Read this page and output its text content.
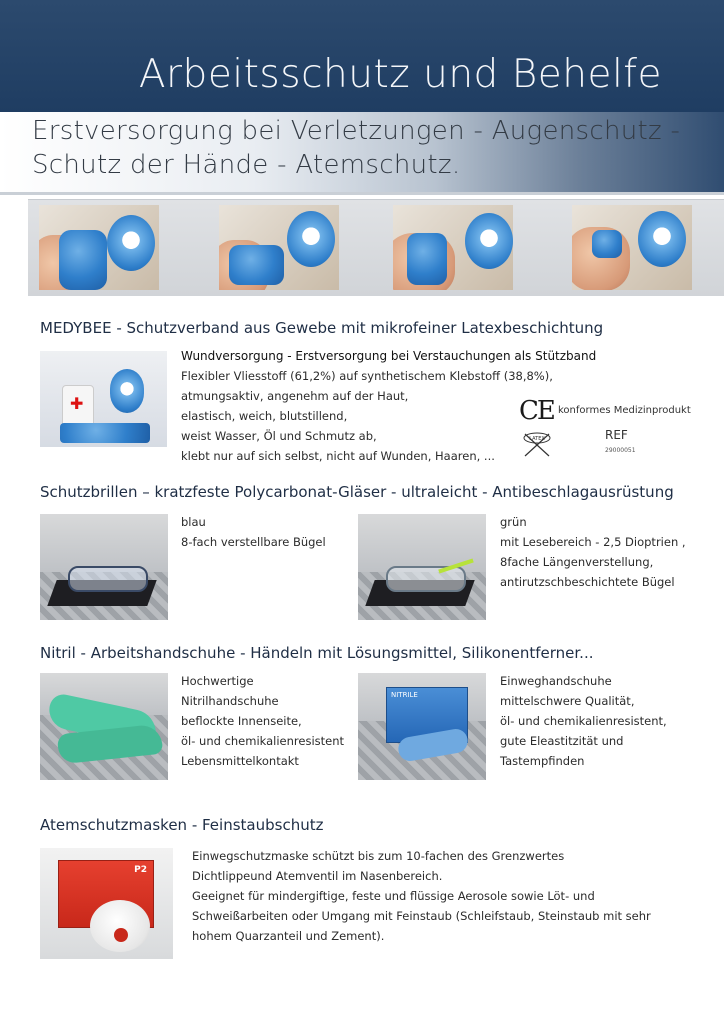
Arbeitsschutz und Behelfe
Erstversorgung bei Verletzungen - Augenschutz -
Schutz der Hände - Atemschutz.
MEDYBEE - Schutzverband aus Gewebe mit mikrofeiner Latexbeschichtung
✚
Wundversorgung - Erstversorgung bei Verstauchungen als Stützband
Flexibler Vliesstoff (61,2%) auf synthetischem Klebstoff (38,8%),
atmungsaktiv, angenehm auf der Haut,
elastisch, weich, blutstillend,
weist Wasser, Öl und Schmutz ab,
klebt nur auf sich selbst, nicht auf Wunden, Haaren, ...
CE konformes Medizinprodukt
LATEX	REF
29000051
Schutzbrillen – kratzfeste Polycarbonat-Gläser - ultraleicht - Antibeschlagausrüstung
blau
8-fach verstellbare Bügel
grün
mit Lesebereich - 2,5 Dioptrien ,
8fache Längenverstellung,
antirutzschbeschichtete Bügel
Nitril - Arbeitshandschuhe - Händeln mit Lösungsmittel, Silikonentferner...
Hochwertige
Nitrilhandschuhe
beflockte Innenseite,
öl- und chemikalienresistent
Lebensmittelkontakt
NITRILE
Einweghandschuhe
mittelschwere Qualität,
öl- und chemikalienresistent,
gute Eleastitzität und
Tastempfinden
Atemschutzmasken - Feinstaubschutz
P2
Einwegschutzmaske schützt bis zum 10-fachen des Grenzwertes
Dichtlippeund Atemventil im Nasenbereich.
Geeignet für mindergiftige, feste und flüssige Aerosole sowie Löt- und
Schweißarbeiten oder Umgang mit Feinstaub (Schleifstaub, Steinstaub mit sehr
hohem Quarzanteil und Zement).
